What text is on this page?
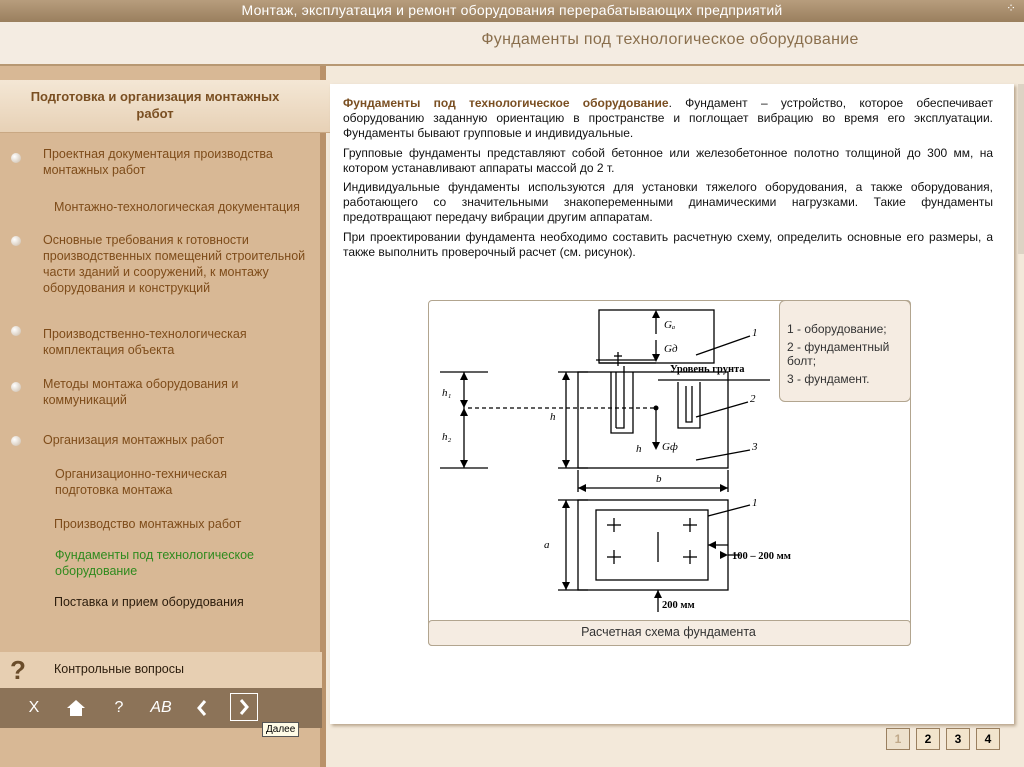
Монтаж, эксплуатация и ремонт оборудования перерабатывающих предприятий	⁘
Фундаменты под технологическое оборудование
Подготовка и организация монтажных работ
Проектная документация производства монтажных работ
Монтажно-технологическая документация
Основные требования к готовности производственных помещений строительной части зданий и сооружений, к монтажу оборудования и конструкций
Производственно-технологическая комплектация объекта
Методы монтажа оборудования и коммуникаций
Организация монтажных работ
Организационно-техническая подготовка монтажа
Производство монтажных работ
Фундаменты под технологическое оборудование
Поставка и прием оборудования
? Контрольные вопросы
X	?	AB
Далее
Фундаменты под технологическое оборудование. Фундамент – устройство, которое обеспечивает оборудованию заданную ориентацию в пространстве и поглощает вибрацию во время его эксплуатации. Фундаменты бывают групповые и индивидуальные.
Групповые фундаменты представляют собой бетонное или железобетонное полотно толщиной до 300 мм, на котором устанавливают аппараты массой до 2 т.
Индивидуальные фундаменты используются для установки тяжелого оборудования, а также оборудования, работающего со значительными знакопеременными динамическими нагрузками. Такие фундаменты предотвращают передачу вибрации другим аппаратам.
При проектировании фундамента необходимо составить расчетную схему, определить основные его размеры, а также выполнить проверочный расчет (см. рисунок).
Gₐ
Gд
Gф
h₁
h₂
h
h
b
a
1
2
3
1
Уровень грунта
100 – 200 мм
200 мм
1 - оборудование;
2 - фундаментный болт;
3 - фундамент.
Расчетная схема фундамента
1	2	3	4
